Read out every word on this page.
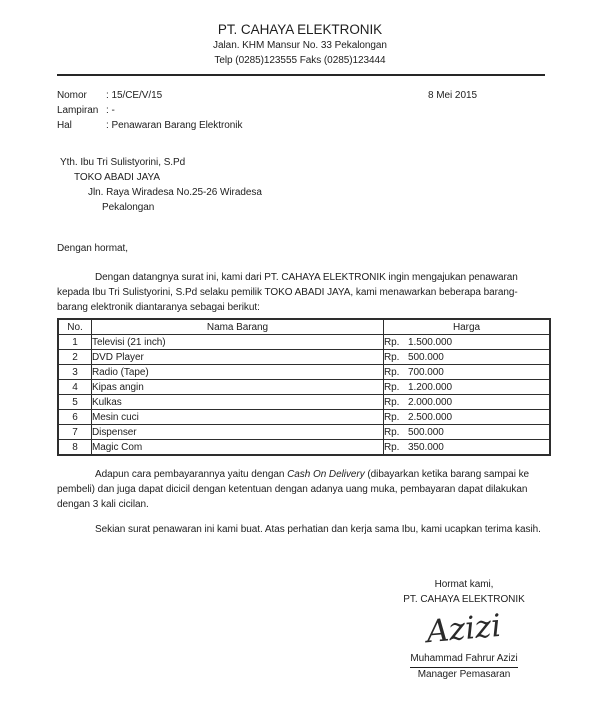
PT. CAHAYA ELEKTRONIK
Jalan. KHM Mansur No. 33 Pekalongan
Telp (0285)123555 Faks (0285)123444
Nomor	: 15/CE/V/15
Lampiran : -
Hal	: Penawaran Barang Elektronik
8 Mei 2015
Yth. Ibu Tri Sulistyorini, S.Pd
TOKO ABADI JAYA
Jln. Raya Wiradesa No.25-26 Wiradesa
Pekalongan
Dengan hormat,

Dengan datangnya surat ini, kami dari PT. CAHAYA ELEKTRONIK ingin mengajukan penawaran kepada Ibu Tri Sulistyorini, S.Pd selaku pemilik TOKO ABADI JAYA, kami menawarkan beberapa barang-barang elektronik diantaranya sebagai berikut:

No.	Nama Barang	Harga
1	Televisi (21 inch)	Rp. 1.500.000
2	DVD Player	Rp. 500.000
3	Radio (Tape)	Rp. 700.000
4	Kipas angin	Rp. 1.200.000
5	Kulkas	Rp. 2.000.000
6	Mesin cuci	Rp. 2.500.000
7	Dispenser	Rp. 500.000
8	Magic Com	Rp. 350.000

Adapun cara pembayarannya yaitu dengan Cash On Delivery (dibayarkan ketika barang sampai ke pembeli) dan juga dapat dicicil dengan ketentuan dengan adanya uang muka, pembayaran dapat dilakukan dengan 3 kali cicilan.

Sekian surat penawaran ini kami buat. Atas perhatian dan kerja sama Ibu, kami ucapkan terima kasih.

Hormat kami,
PT. CAHAYA ELEKTRONIK
Azizi
Muhammad Fahrur Azizi
Manager Pemasaran
